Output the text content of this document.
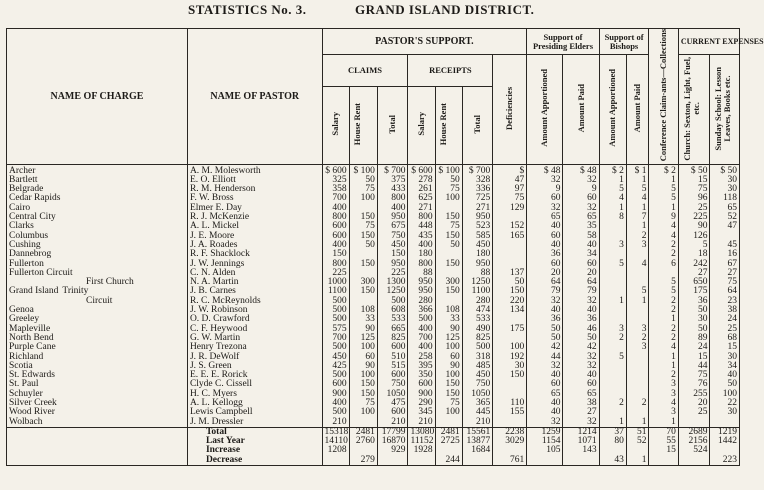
STATISTICS No. 3.	GRAND ISLAND DISTRICT.
NAME OF CHARGE	NAME OF PASTOR	PASTOR'S SUPPORT.							Support of Presiding Elders		Support of Bishops		Conference Claim-ants—Collections	CURRENT EXPENSES	
		CLAIMS			RECEIPTS			Deficiencies	Amount Apportioned	Amount Paid	Amount Apportioned	Amount Paid		Church: Sexton, Light, Fuel, etc.	Sunday School: Lesson Leaves, Books etc.
		Salary	House Rent	Total	Salary	House Rent	Total								
Archer	A. M. Molesworth	$ 600	$ 100	$ 700	$ 600	$ 100	$ 700	$	$ 48	$ 48	$ 2	$ 1	$ 2	$ 50	$ 50
Bartlett	E. O. Elliott	325	50	375	278	50	328	47	32	32	1	1	1	15	30
Belgrade	R. M. Henderson	358	75	433	261	75	336	97	9	9	5	5	5	75	30
Cedar Rapids	F. W. Bross	700	100	800	625	100	725	75	60	60	4	4	5	96	118
Cairo	Elmer E. Day	400		400	271		271	129	32	32	1	1	1	25	65
Central City	R. J. McKenzie	800	150	950	800	150	950		65	65	8	7	9	225	52
Clarks	A. L. Mickel	600	75	675	448	75	523	152	40	35		1	4	90	47
Columbus	J. E. Moore	600	150	750	435	150	585	165	60	58		2	4	126	
Cushing	J. A. Roades	400	50	450	400	50	450		40	40	3	3	2	5	45
Dannebrog	R. F. Shacklock	150		150	180		180		36	34			2	18	16
Fullerton	J. W. Jennings	800	150	950	800	150	950		60	60	5	4	6	242	67
Fullerton Circuit	C. N. Alden	225		225	88		88	137	20	20				27	27
First Church	N. A. Martin	1000	300	1300	950	300	1250	50	64	64			5	650	75
Grand Island Trinity	J. B. Carnes	1100	150	1250	950	150	1100	150	79	79		5	5	175	64
Circuit	R. C. McReynolds	500		500	280		280	220	32	32	1	1	2	36	23
Genoa	J. W. Robinson	500	108	608	366	108	474	134	40	40			2	50	38
Greeley	O. D. Crawford	500	33	533	500	33	533		36	36			1	30	24
Mapleville	C. F. Heywood	575	90	665	400	90	490	175	50	46	3	3	2	50	25
North Bend	G. W. Martin	700	125	825	700	125	825		50	50	2	2	2	89	68
Purple Cane	Henry Trezona	500	100	600	400	100	500	100	42	42		3	4	24	15
Richland	J. R. DeWolf	450	60	510	258	60	318	192	44	32	5		1	15	30
Scotia	J. S. Green	425	90	515	395	90	485	30	32	32			1	44	34
St. Edwards	E. E. E. Rorick	500	100	600	350	100	450	150	40	40			2	75	40
St. Paul	Clyde C. Cissell	600	150	750	600	150	750		60	60			3	76	50
Schuyler	H. C. Myers	900	150	1050	900	150	1050		65	65			3	255	100
Silver Creek	A. L. Kellogg	400	75	475	290	75	365	110	40	38	2	2	4	20	22
Wood River	Lewis Campbell	500	100	600	345	100	445	155	40	27			3	25	30
Wolbach	J. M. Dressler	210		210	210		210		32	32	1	1	1		
	Total	15318	2481	17799	13080	2481	15561	2238	1259	1214	37	51	70	2689	1219
	Last Year	14110	2760	16870	11152	2725	13877	3029	1154	1071	80	52	55	2156	1442
	Increase	1208		929	1928		1684		105	143			15	524	
	Decrease		279			244		761			43	1			223
